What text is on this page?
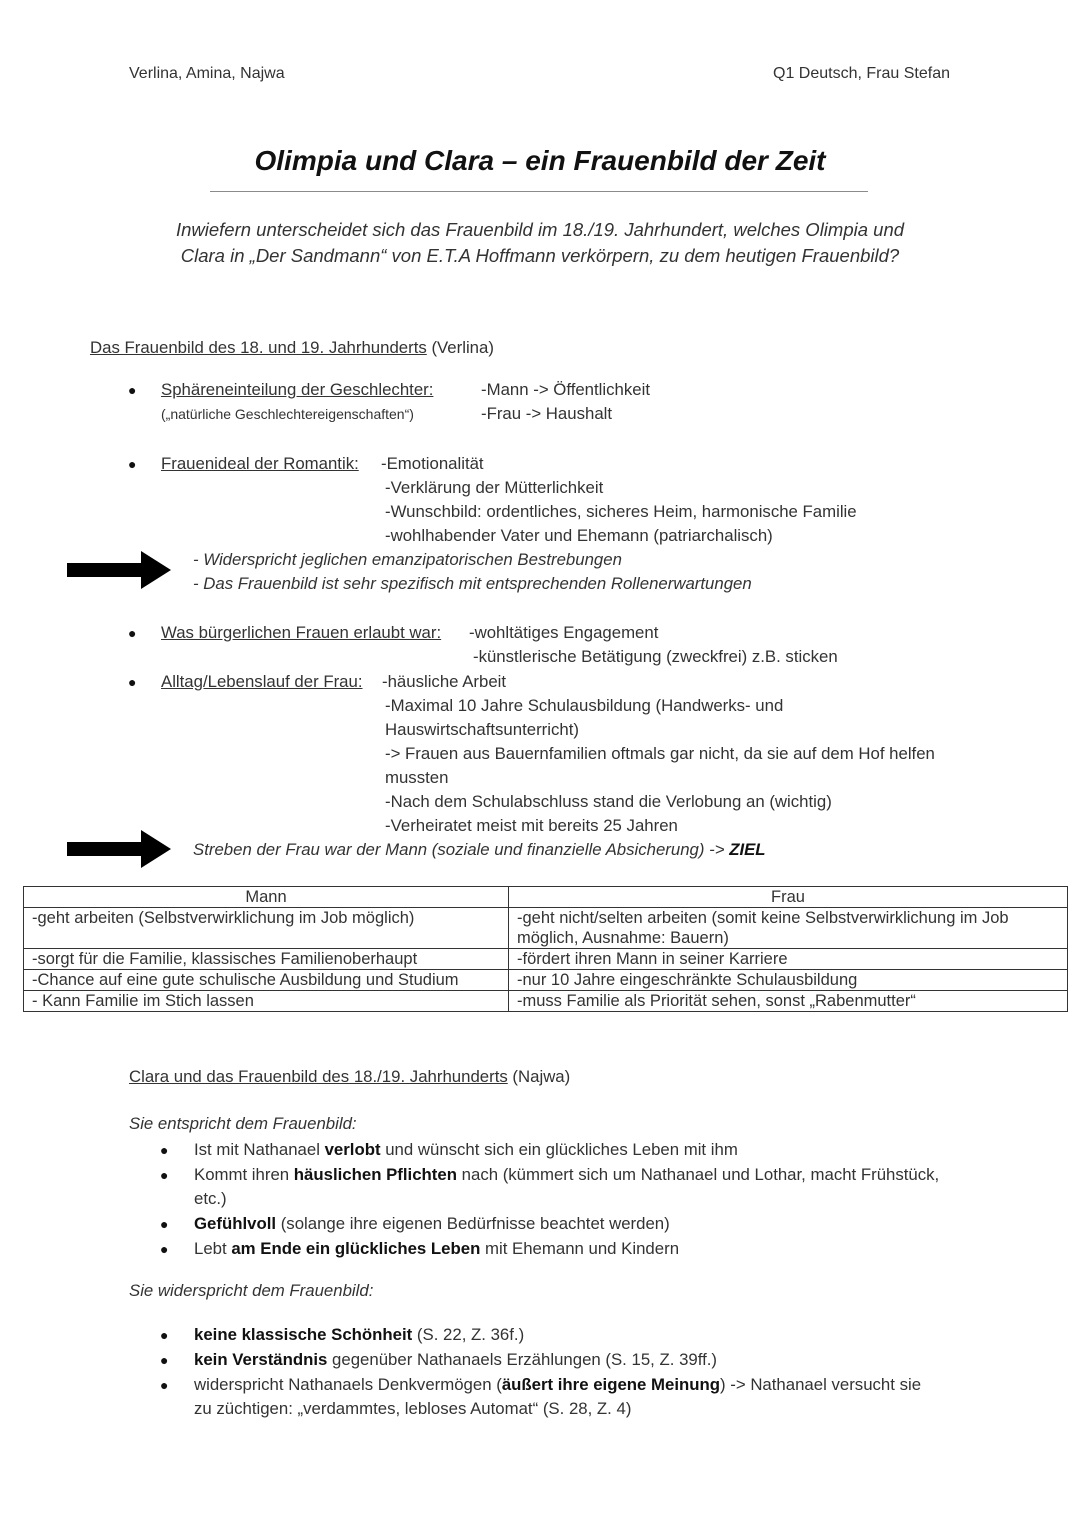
Verlina, Amina, Najwa	Q1 Deutsch, Frau Stefan
Olimpia und Clara – ein Frauenbild der Zeit
Inwiefern unterscheidet sich das Frauenbild im 18./19. Jahrhundert, welches Olimpia und
Clara in „Der Sandmann“ von E.T.A Hoffmann verkörpern, zu dem heutigen Frauenbild?
Das Frauenbild des 18. und 19. Jahrhunderts (Verlina)
● Sphäreneinteilung der Geschlechter:
(„natürliche Geschlechtereigenschaften“)
-Mann -> Öffentlichkeit
-Frau -> Haushalt
● Frauenideal der Romantik: -Emotionalität
-Verklärung der Mütterlichkeit
-Wunschbild: ordentliches, sicheres Heim, harmonische Familie
-wohlhabender Vater und Ehemann (patriarchalisch)
- Widerspricht jeglichen emanzipatorischen Bestrebungen
- Das Frauenbild ist sehr spezifisch mit entsprechenden Rollenerwartungen
● Was bürgerlichen Frauen erlaubt war: -wohltätiges Engagement
-künstlerische Betätigung (zweckfrei) z.B. sticken
● Alltag/Lebenslauf der Frau: -häusliche Arbeit
-Maximal 10 Jahre Schulausbildung (Handwerks- und
Hauswirtschaftsunterricht)
-> Frauen aus Bauernfamilien oftmals gar nicht, da sie auf dem Hof helfen
mussten
-Nach dem Schulabschluss stand die Verlobung an (wichtig)
-Verheiratet meist mit bereits 25 Jahren
Streben der Frau war der Mann (soziale und finanzielle Absicherung) -> ZIEL
Mann	Frau
-geht arbeiten (Selbstverwirklichung im Job möglich)	-geht nicht/selten arbeiten (somit keine Selbstverwirklichung im Job möglich, Ausnahme: Bauern)
-sorgt für die Familie, klassisches Familienoberhaupt	-fördert ihren Mann in seiner Karriere
-Chance auf eine gute schulische Ausbildung und Studium	-nur 10 Jahre eingeschränkte Schulausbildung
- Kann Familie im Stich lassen	-muss Familie als Priorität sehen, sonst „Rabenmutter“
Clara und das Frauenbild des 18./19. Jahrhunderts (Najwa)
Sie entspricht dem Frauenbild:
● Ist mit Nathanael verlobt und wünscht sich ein glückliches Leben mit ihm
● Kommt ihren häuslichen Pflichten nach (kümmert sich um Nathanael und Lothar, macht Frühstück,
etc.)
● Gefühlvoll (solange ihre eigenen Bedürfnisse beachtet werden)
● Lebt am Ende ein glückliches Leben mit Ehemann und Kindern
Sie widerspricht dem Frauenbild:
● keine klassische Schönheit (S. 22, Z. 36f.)
● kein Verständnis gegenüber Nathanaels Erzählungen (S. 15, Z. 39ff.)
● widerspricht Nathanaels Denkvermögen (äußert ihre eigene Meinung) -> Nathanael versucht sie
zu züchtigen: „verdammtes, lebloses Automat“ (S. 28, Z. 4)
